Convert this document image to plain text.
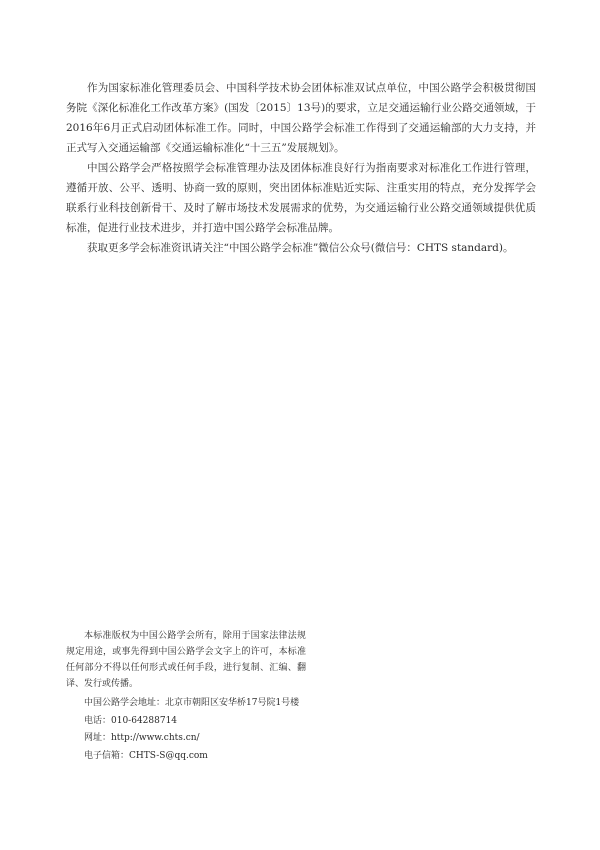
作为国家标准化管理委员会、中国科学技术协会团体标准双试点单位，中国公路学会积极贯彻国务院《深化标准化工作改革方案》(国发〔2015〕13号)的要求，立足交通运输行业公路交通领域，于2016年6月正式启动团体标准工作。同时，中国公路学会标准工作得到了交通运输部的大力支持，并正式写入交通运输部《交通运输标准化“十三五”发展规划》。

中国公路学会严格按照学会标准管理办法及团体标准良好行为指南要求对标准化工作进行管理，遵循开放、公平、透明、协商一致的原则，突出团体标准贴近实际、注重实用的特点，充分发挥学会联系行业科技创新骨干、及时了解市场技术发展需求的优势，为交通运输行业公路交通领域提供优质标准，促进行业技术进步，并打造中国公路学会标准品牌。

获取更多学会标准资讯请关注“中国公路学会标准”微信公众号(微信号：CHTS standard)。

本标准版权为中国公路学会所有，除用于国家法律法规规定用途，或事先得到中国公路学会文字上的许可，本标准任何部分不得以任何形式或任何手段，进行复制、汇编、翻译、发行或传播。

中国公路学会地址：北京市朝阳区安华桥17号院1号楼
电话：010-64288714
网址：http://www.chts.cn/
电子信箱：CHTS-S@qq.com
